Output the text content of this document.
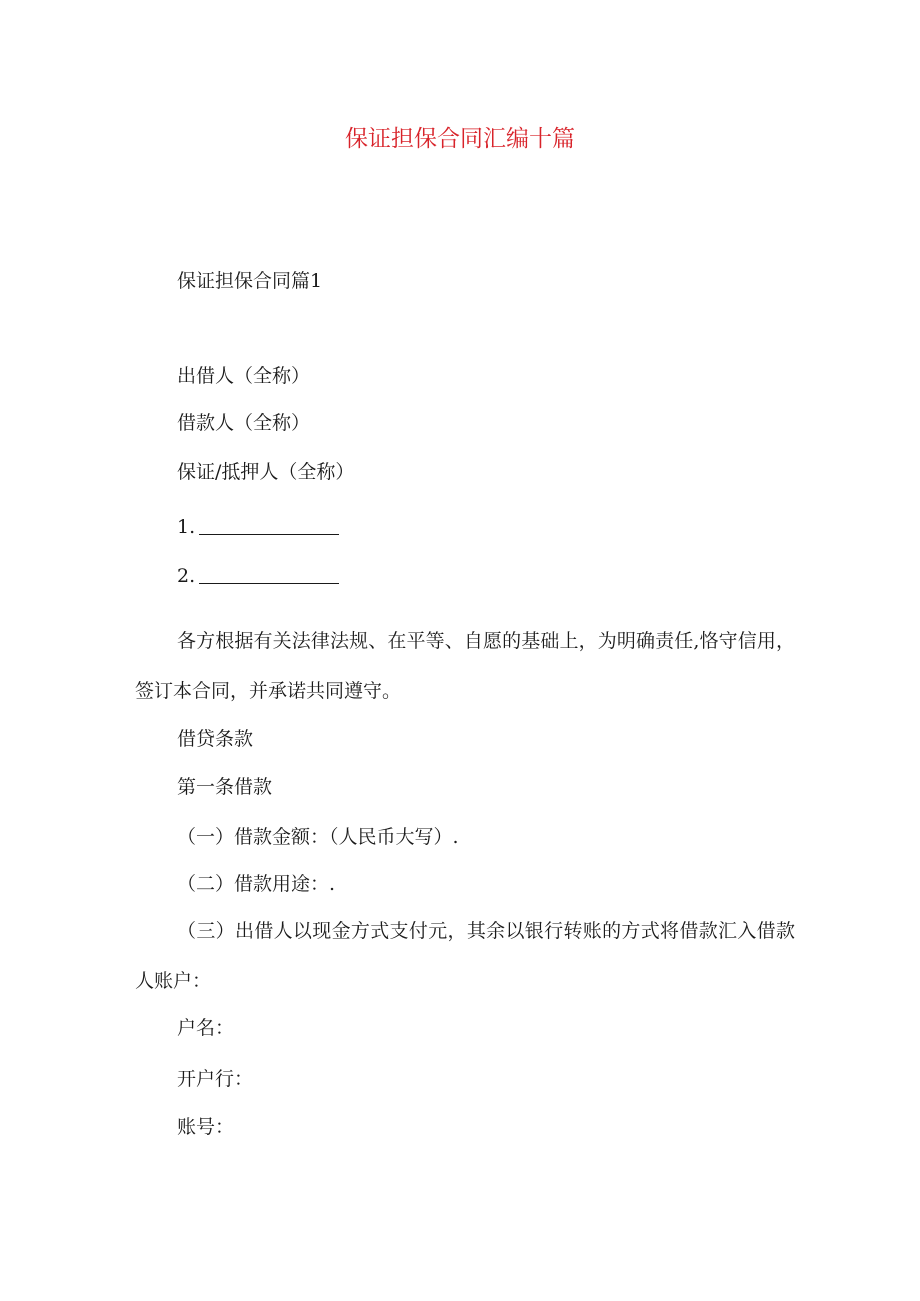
保证担保合同汇编十篇
保证担保合同篇1
出借人（全称）
借款人（全称）
保证/抵押人（全称）
1.
2.
各方根据有关法律法规、在平等、自愿的基础上，为明确责任,恪守信用，签订本合同，并承诺共同遵守。
借贷条款
第一条借款
（一）借款金额：（人民币大写）.
（二）借款用途：.
（三）出借人以现金方式支付元，其余以银行转账的方式将借款汇入借款人账户：
户名：
开户行：
账号：
